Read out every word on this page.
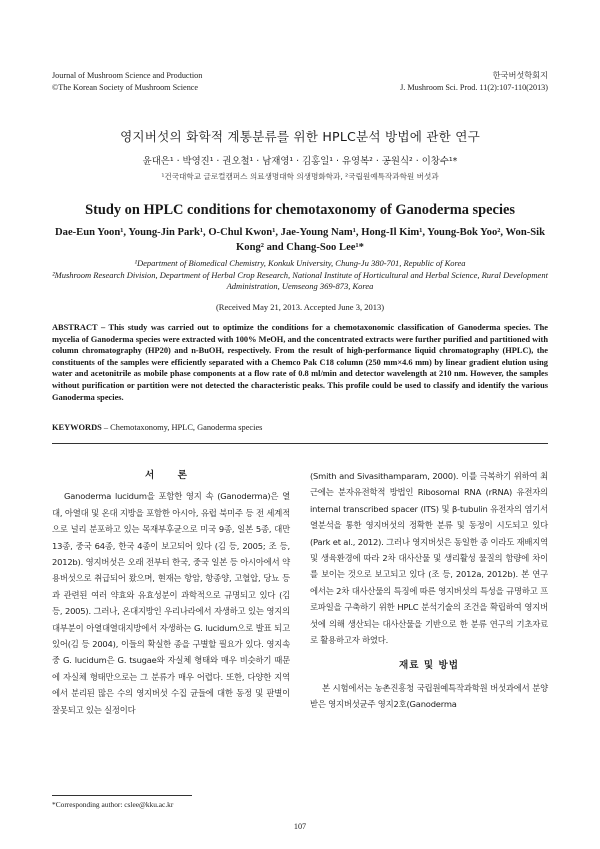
Journal of Mushroom Science and Production
©The Korean Society of Mushroom Science
한국버섯학회지
J. Mushroom Sci. Prod. 11(2):107-110(2013)
영지버섯의 화학적 계통분류를 위한 HPLC분석 방법에 관한 연구
윤대은¹ · 박영진¹ · 권오철¹ · 남재영¹ · 김홍일¹ · 유영복² · 공원식² · 이창수¹*
¹건국대학교 글로컬캠퍼스 의료생명대학 의생명화학과, ²국립원예특작과학원 버섯과
Study on HPLC conditions for chemotaxonomy of Ganoderma species
Dae-Eun Yoon¹, Young-Jin Park¹, O-Chul Kwon¹, Jae-Young Nam¹, Hong-Il Kim¹, Young-Bok Yoo², Won-Sik Kong² and Chang-Soo Lee¹*
¹Department of Biomedical Chemistry, Konkuk University, Chung-Ju 380-701, Republic of Korea
²Mushroom Research Division, Department of Herbal Crop Research, National Institute of Horticultural and Herbal Science, Rural Development Administration, Uemseong 369-873, Korea
(Received May 21, 2013. Accepted June 3, 2013)
ABSTRACT – This study was carried out to optimize the conditions for a chemotaxonomic classification of Ganoderma species. The mycelia of Ganoderma species were extracted with 100% MeOH, and the concentrated extracts were further purified and partitioned with column chromatography (HP20) and n-BuOH, respectively. From the result of high-performance liquid chromatography (HPLC), the constituents of the samples were efficiently separated with a Chemco Pak C18 column (250 mm×4.6 mm) by linear gradient elution using water and acetonitrile as mobile phase components at a flow rate of 0.8 ml/min and detector wavelength at 210 nm. However, the samples without purification or partition were not detected the characteristic peaks. This profile could be used to classify and identify the various Ganoderma species.
KEYWORDS – Chemotaxonomy, HPLC, Ganoderma species
서 론
Ganoderma lucidum을 포함한 영지 속 (Ganoderma)은 열대, 아열대 및 온대 지방을 포함한 아시아, 유럽 북미주 등 전 세계적으로 널리 분포하고 있는 목재부후균으로 미국 9종, 일본 5종, 대만 13종, 중국 64종, 한국 4종이 보고되어 있다 (김 등, 2005; 조 등, 2012b). 영지버섯은 오래 전부터 한국, 중국 일본 등 아시아에서 약용버섯으로 취급되어 왔으며, 현재는 항암, 항종양, 고혈압, 당뇨 등과 관련된 여러 약효와 유효성분이 과학적으로 규명되고 있다 (김 등, 2005). 그러나, 온대지방인 우리나라에서 자생하고 있는 영지의 대부분이 아열대열대지방에서 자생하는 G. lucidum으로 발표 되고 있어(김 등 2004), 이들의 확실한 종을 구별할 필요가 있다. 영지속 중 G. lucidum은 G. tsugae와 자실체 형태와 매우 비슷하기 때문에 자실체 형태만으로는 그 분류가 매우 어렵다. 또한, 다양한 지역에서 분리된 많은 수의 영지버섯 수집 균들에 대한 동정 및 판별이 잘못되고 있는 실정이다
(Smith and Sivasithamparam, 2000). 이를 극복하기 위하여 최근에는 분자유전학적 방법인 Ribosomal RNA (rRNA) 유전자의 internal transcribed spacer (ITS) 및 β-tubulin 유전자의 염기서열분석을 통한 영지버섯의 정확한 분류 및 동정이 시도되고 있다 (Park et al., 2012). 그러나 영지버섯은 동일한 종 이라도 재배지역 및 생육환경에 따라 2차 대사산물 및 생리활성 물질의 함량에 차이를 보이는 것으로 보고되고 있다 (조 등, 2012a, 2012b). 본 연구에서는 2차 대사산물의 특징에 따른 영지버섯의 특성을 규명하고 프로파일을 구축하기 위한 HPLC 분석기술의 조건을 확립하여 영지버섯에 의해 생산되는 대사산물을 기반으로 한 분류 연구의 기초자료로 활용하고자 하였다.
재료 및 방법
본 시험에서는 농촌진흥청 국립원예특작과학원 버섯과에서 분양받은 영지버섯균주 영지2호(Ganoderma
*Corresponding author: cslee@kku.ac.kr
107
